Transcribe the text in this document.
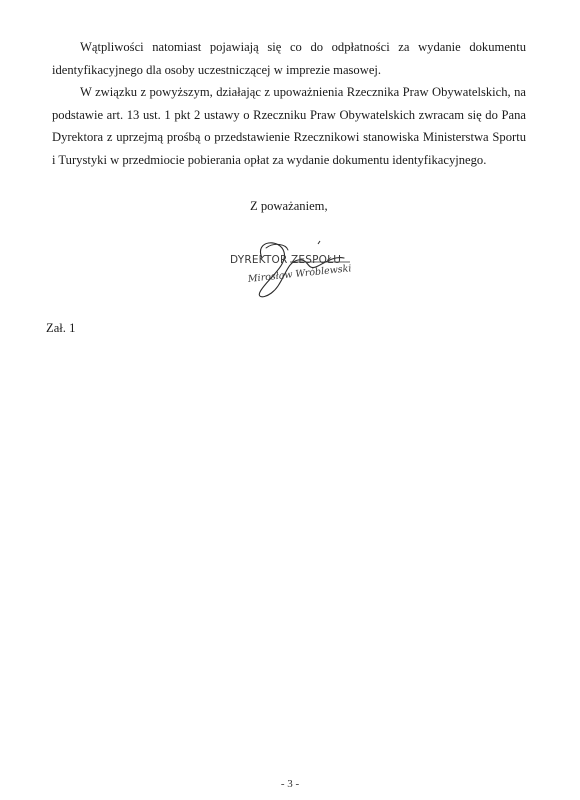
Wątpliwości natomiast pojawiają się co do odpłatności za wydanie dokumentu identyfikacyjnego dla osoby uczestniczącej w imprezie masowej.

W związku z powyższym, działając z upoważnienia Rzecznika Praw Obywatelskich, na podstawie art. 13 ust. 1 pkt 2 ustawy o Rzeczniku Praw Obywatelskich zwracam się do Pana Dyrektora z uprzejmą prośbą o przedstawienie Rzecznikowi stanowiska Ministerstwa Sportu i Turystyki w przedmiocie pobierania opłat za wydanie dokumentu identyfikacyjnego.

Z poważaniem,
DYREKTOR ZESPOŁU
Mirosław Wróblewski
Zał. 1
- 3 -
